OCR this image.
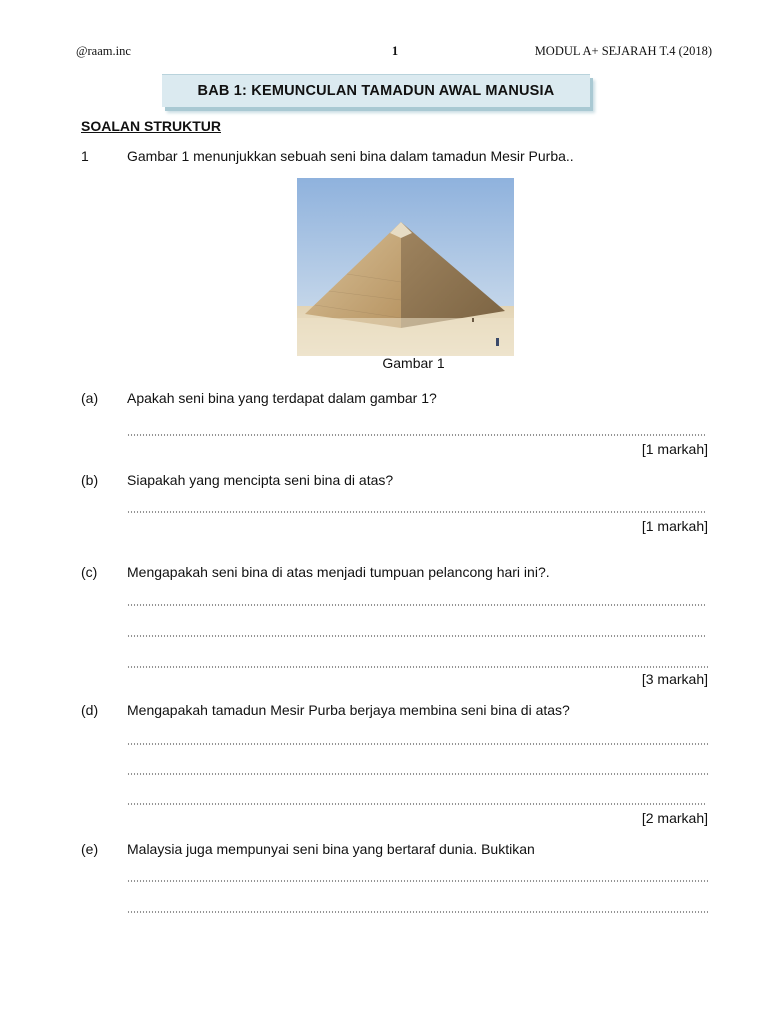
@raam.inc	1	MODUL A+ SEJARAH T.4 (2018)
BAB 1: KEMUNCULAN TAMADUN AWAL MANUSIA
SOALAN STRUKTUR
1	Gambar 1 menunjukkan sebuah seni bina dalam tamadun Mesir Purba..
Gambar 1
(a) Apakah seni bina yang terdapat dalam gambar 1?
[1 markah]
(b) Siapakah yang mencipta seni bina di atas?
[1 markah]
(c) Mengapakah seni bina di atas menjadi tumpuan pelancong hari ini?.
[3 markah]
(d) Mengapakah tamadun Mesir Purba berjaya membina seni bina di atas?
[2 markah]
(e) Malaysia juga mempunyai seni bina yang bertaraf dunia. Buktikan
